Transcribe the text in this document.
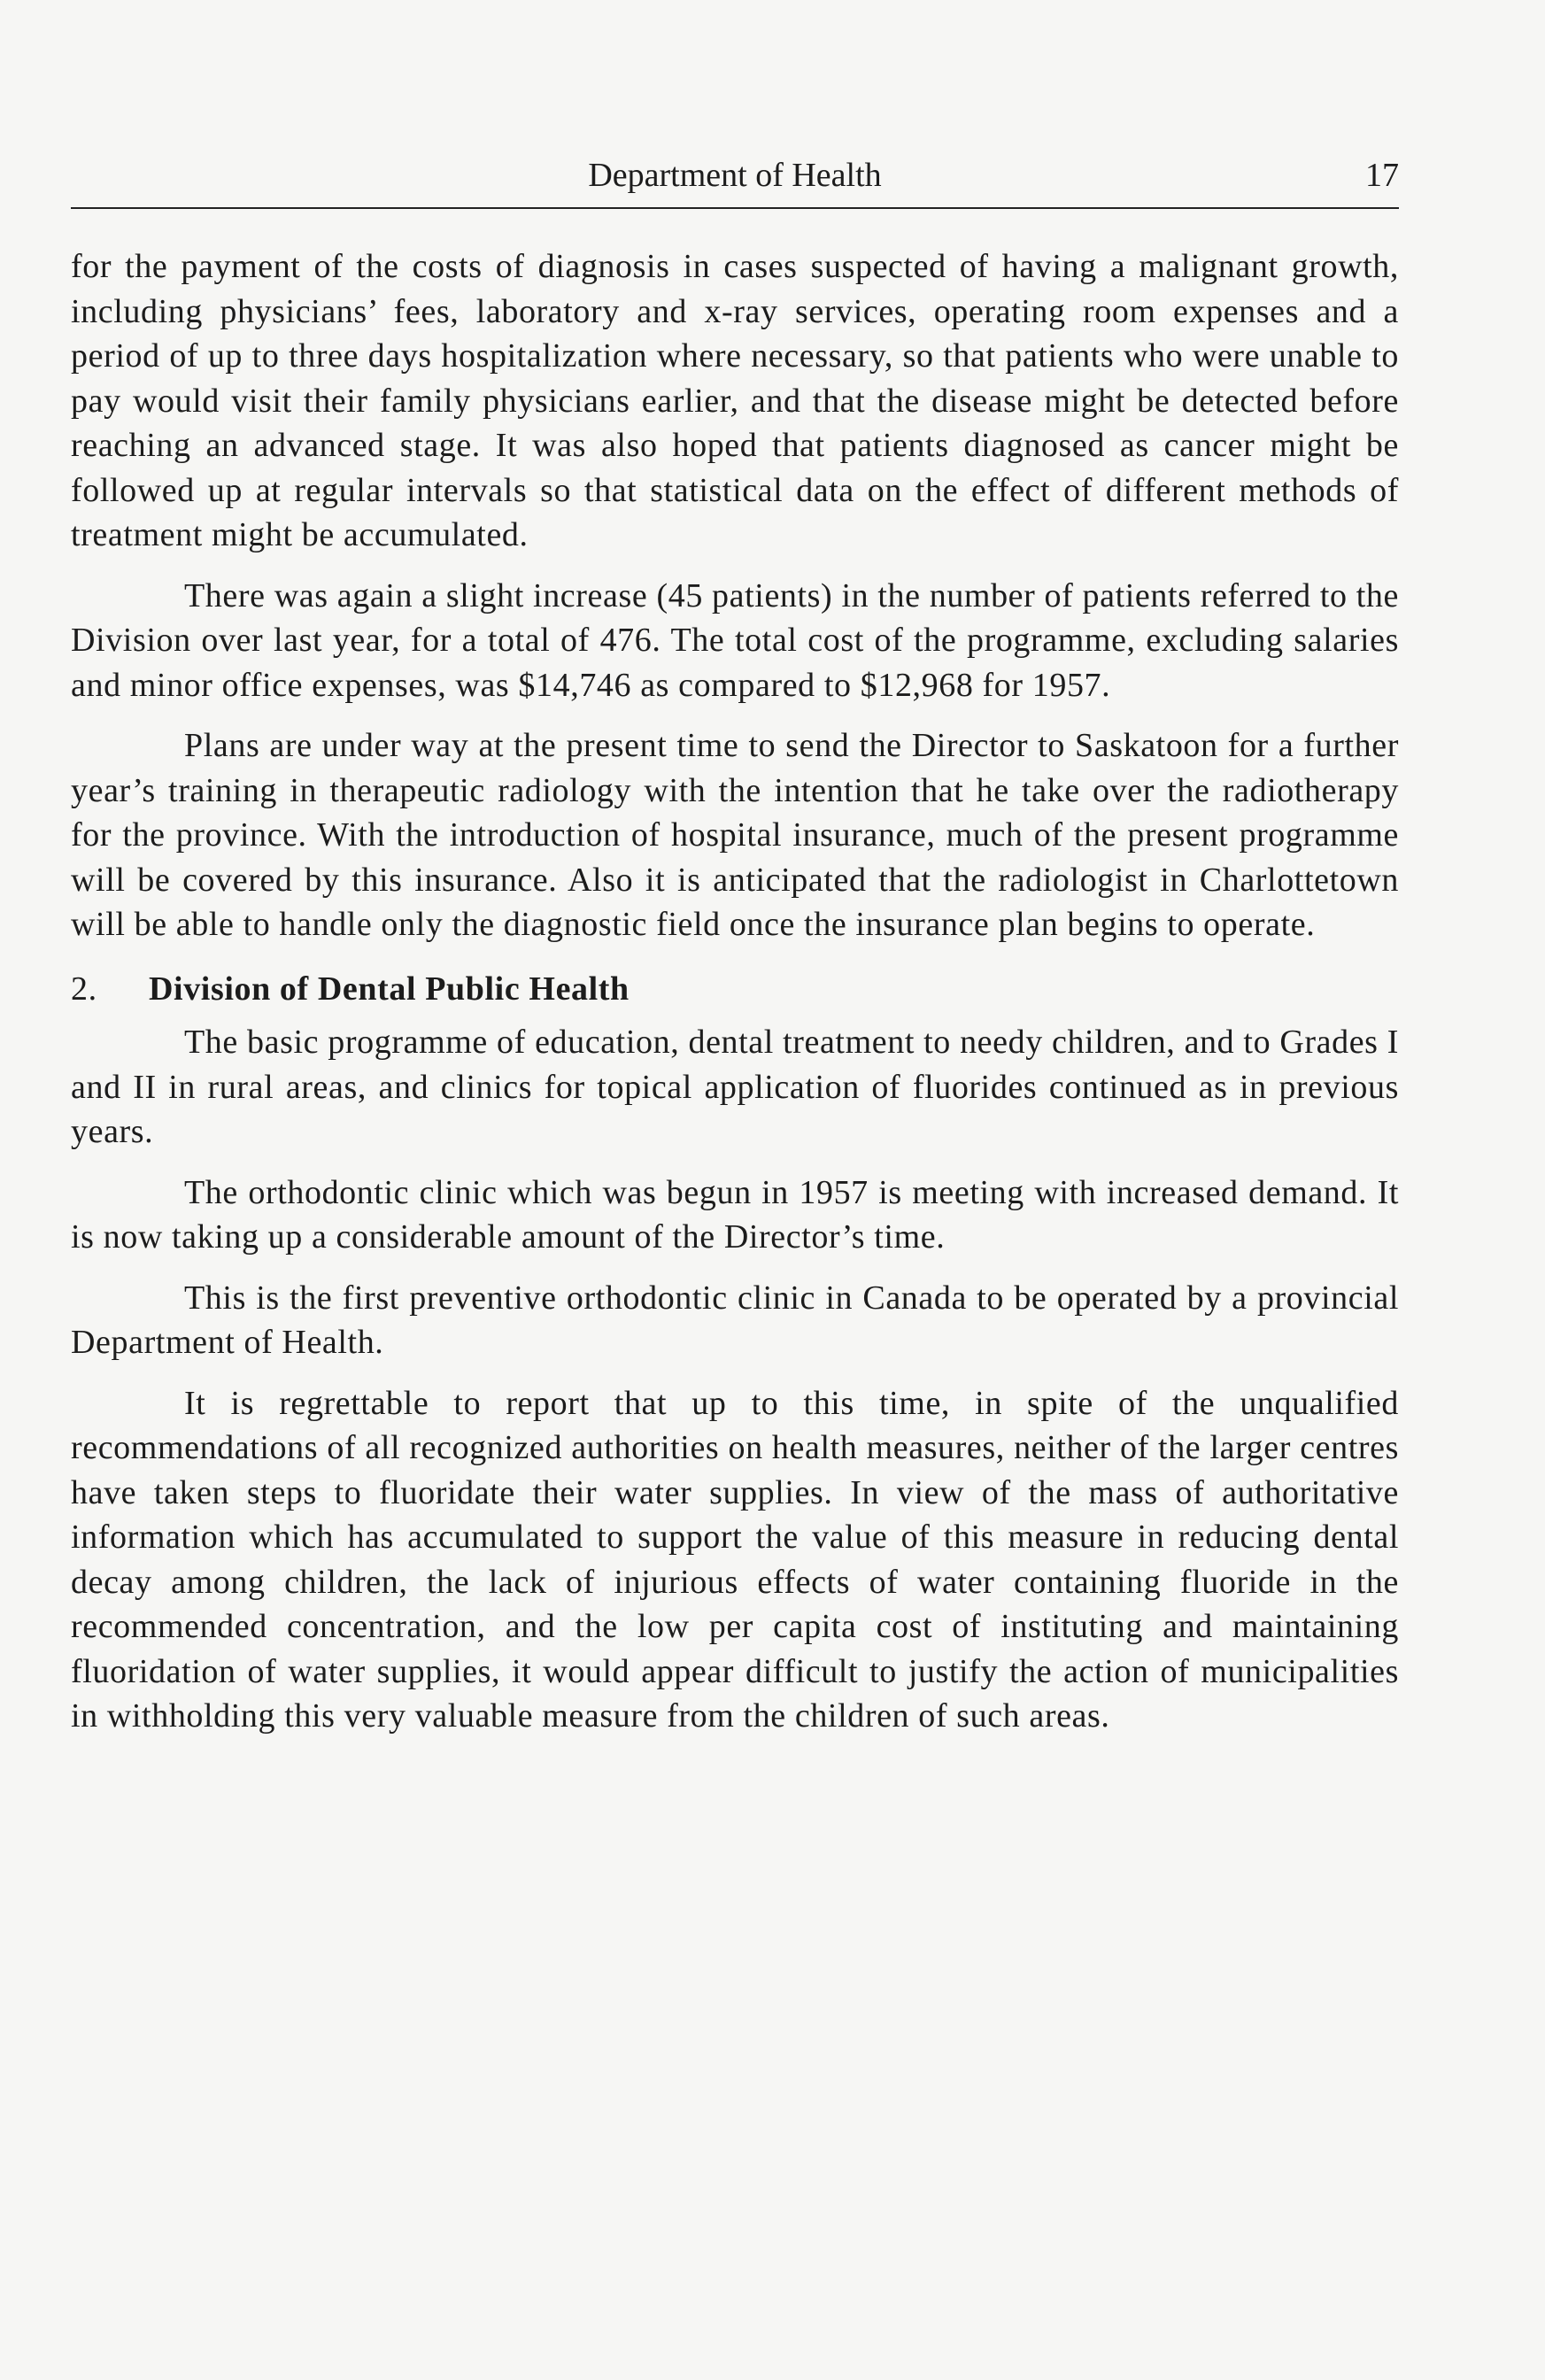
Department of Health	17

for the payment of the costs of diagnosis in cases suspected of having a malignant growth, including physicians’ fees, laboratory and x-ray services, operating room expenses and a period of up to three days hospitalization where necessary, so that patients who were unable to pay would visit their family physicians earlier, and that the disease might be detected before reaching an advanced stage. It was also hoped that patients diagnosed as cancer might be followed up at regular intervals so that statistical data on the effect of different methods of treatment might be accumulated.

There was again a slight increase (45 patients) in the number of patients referred to the Division over last year, for a total of 476. The total cost of the programme, excluding salaries and minor office expenses, was $14,746 as compared to $12,968 for 1957.

Plans are under way at the present time to send the Director to Saskatoon for a further year’s training in therapeutic radiology with the intention that he take over the radiotherapy for the province. With the introduction of hospital insurance, much of the present programme will be covered by this insurance. Also it is anticipated that the radiologist in Charlottetown will be able to handle only the diagnostic field once the insurance plan begins to operate.

2. Division of Dental Public Health

The basic programme of education, dental treatment to needy children, and to Grades I and II in rural areas, and clinics for topical application of fluorides continued as in previous years.

The orthodontic clinic which was begun in 1957 is meeting with increased demand. It is now taking up a considerable amount of the Director’s time.

This is the first preventive orthodontic clinic in Canada to be operated by a provincial Department of Health.

It is regrettable to report that up to this time, in spite of the unqualified recommendations of all recognized authorities on health measures, neither of the larger centres have taken steps to fluoridate their water supplies. In view of the mass of authoritative information which has accumulated to support the value of this measure in reducing dental decay among children, the lack of injurious effects of water containing fluoride in the recommended concentration, and the low per capita cost of instituting and maintaining fluoridation of water supplies, it would appear difficult to justify the action of municipalities in withholding this very valuable measure from the children of such areas.
